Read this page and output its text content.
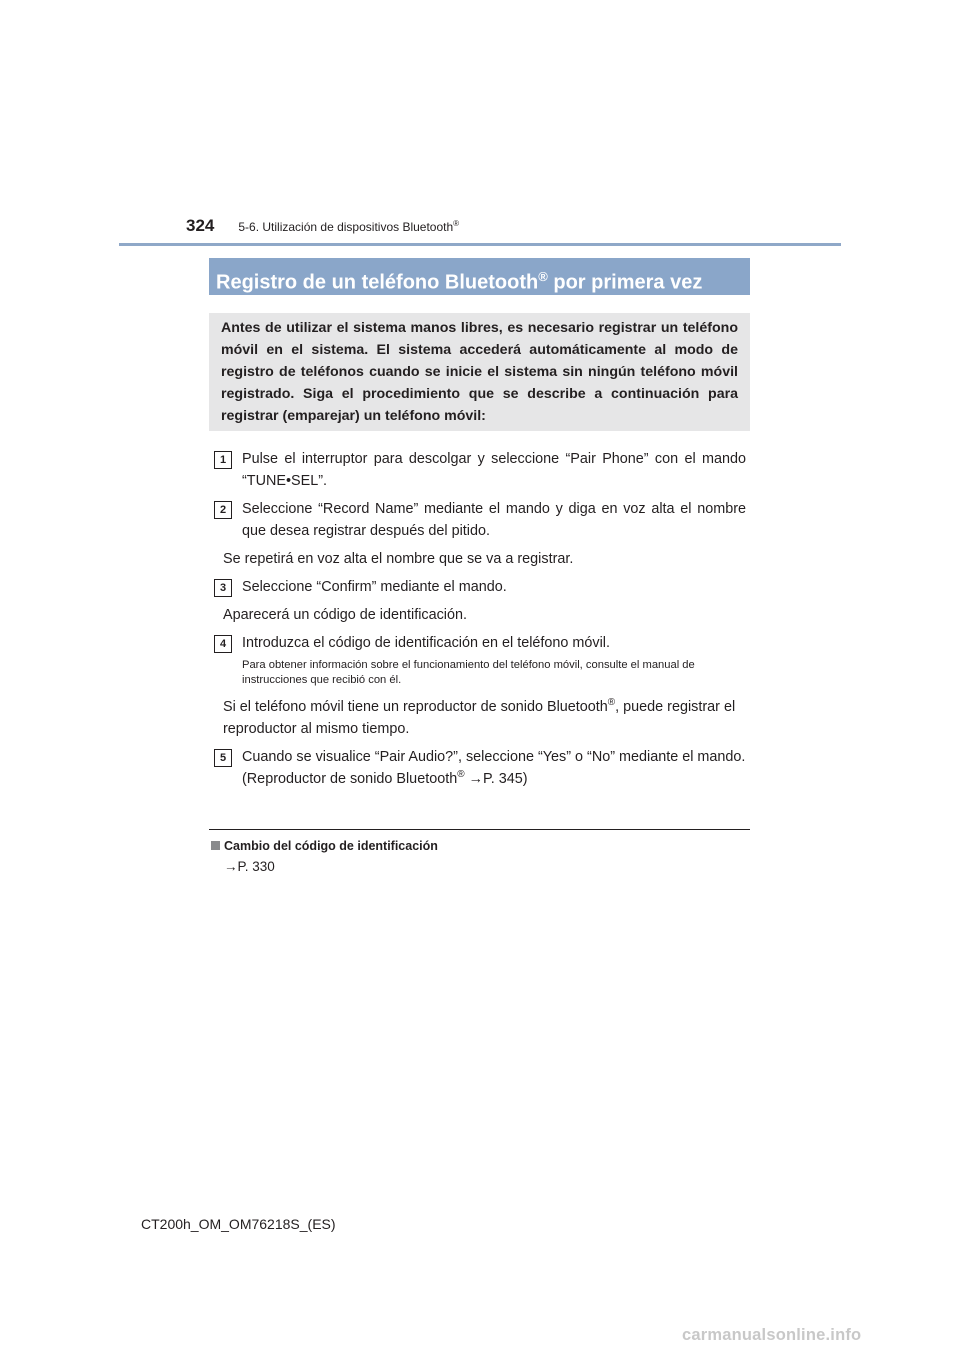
324 5-6. Utilización de dispositivos Bluetooth®
Registro de un teléfono Bluetooth® por primera vez

Antes de utilizar el sistema manos libres, es necesario registrar un teléfono móvil en el sistema. El sistema accederá automáticamente al modo de registro de teléfonos cuando se inicie el sistema sin ningún teléfono móvil registrado. Siga el procedimiento que se describe a continuación para registrar (emparejar) un teléfono móvil:

1	Pulse el interruptor para descolgar y seleccione “Pair Phone” con el mando “TUNE•SEL”.
2	Seleccione “Record Name” mediante el mando y diga en voz alta el nombre que desea registrar después del pitido.
Se repetirá en voz alta el nombre que se va a registrar.
3	Seleccione “Confirm” mediante el mando.
Aparecerá un código de identificación.
4	Introduzca el código de identificación en el teléfono móvil.
Para obtener información sobre el funcionamiento del teléfono móvil, consulte el manual de instrucciones que recibió con él.
Si el teléfono móvil tiene un reproductor de sonido Bluetooth®, puede registrar el reproductor al mismo tiempo.
5	Cuando se visualice “Pair Audio?”, seleccione “Yes” o “No” mediante el mando.
(Reproductor de sonido Bluetooth® →P. 345)
Cambio del código de identificación
→P. 330
CT200h_OM_OM76218S_(ES)
carmanualsonline.info
